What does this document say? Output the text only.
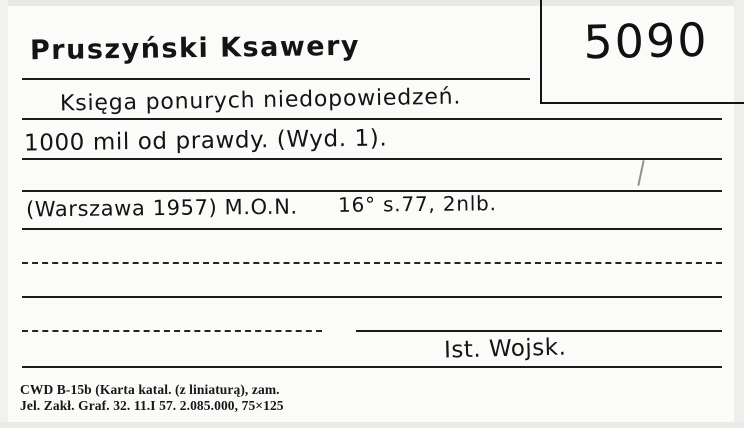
5090
Pruszyński Ksawery
Księga ponurych niedopowiedzeń.
1000 mil od prawdy. (Wyd. 1).
(Warszawa 1957) M.O.N. 16° s.77, 2nlb.
Ist. Wojsk.
CWD B-15b (Karta katal. (z liniaturą), zam.
Jel. Zakł. Graf. 32. 11.I 57. 2.085.000, 75×125
